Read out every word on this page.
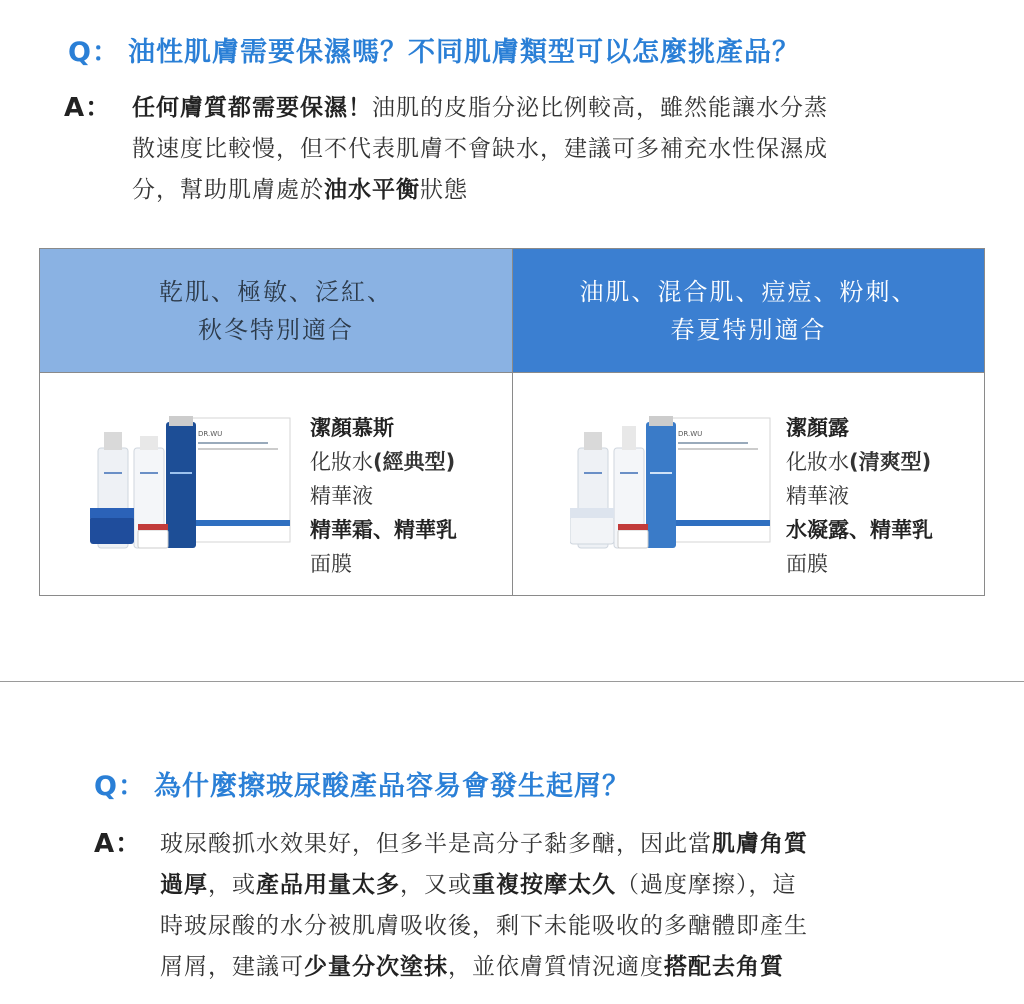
Q： 油性肌膚需要保濕嗎？不同肌膚類型可以怎麼挑產品？
A： 任何膚質都需要保濕！油肌的皮脂分泌比例較高，雖然能讓水分蒸
散速度比較慢，但不代表肌膚不會缺水，建議可多補充水性保濕成
分，幫助肌膚處於油水平衡狀態
乾肌、極敏、泛紅、
秋冬特別適合
油肌、混合肌、痘痘、粉刺、
春夏特別適合
DR.WU	潔顏慕斯
化妝水(經典型)
精華液
精華霜、精華乳
面膜
DR.WU	潔顏露
化妝水(清爽型)
精華液
水凝露、精華乳
面膜
Q： 為什麼擦玻尿酸產品容易會發生起屑？
A： 玻尿酸抓水效果好，但多半是高分子黏多醣，因此當肌膚角質
過厚，或產品用量太多，又或重複按摩太久（過度摩擦），這
時玻尿酸的水分被肌膚吸收後，剩下未能吸收的多醣體即產生
屑屑，建議可少量分次塗抹，並依膚質情況適度搭配去角質
